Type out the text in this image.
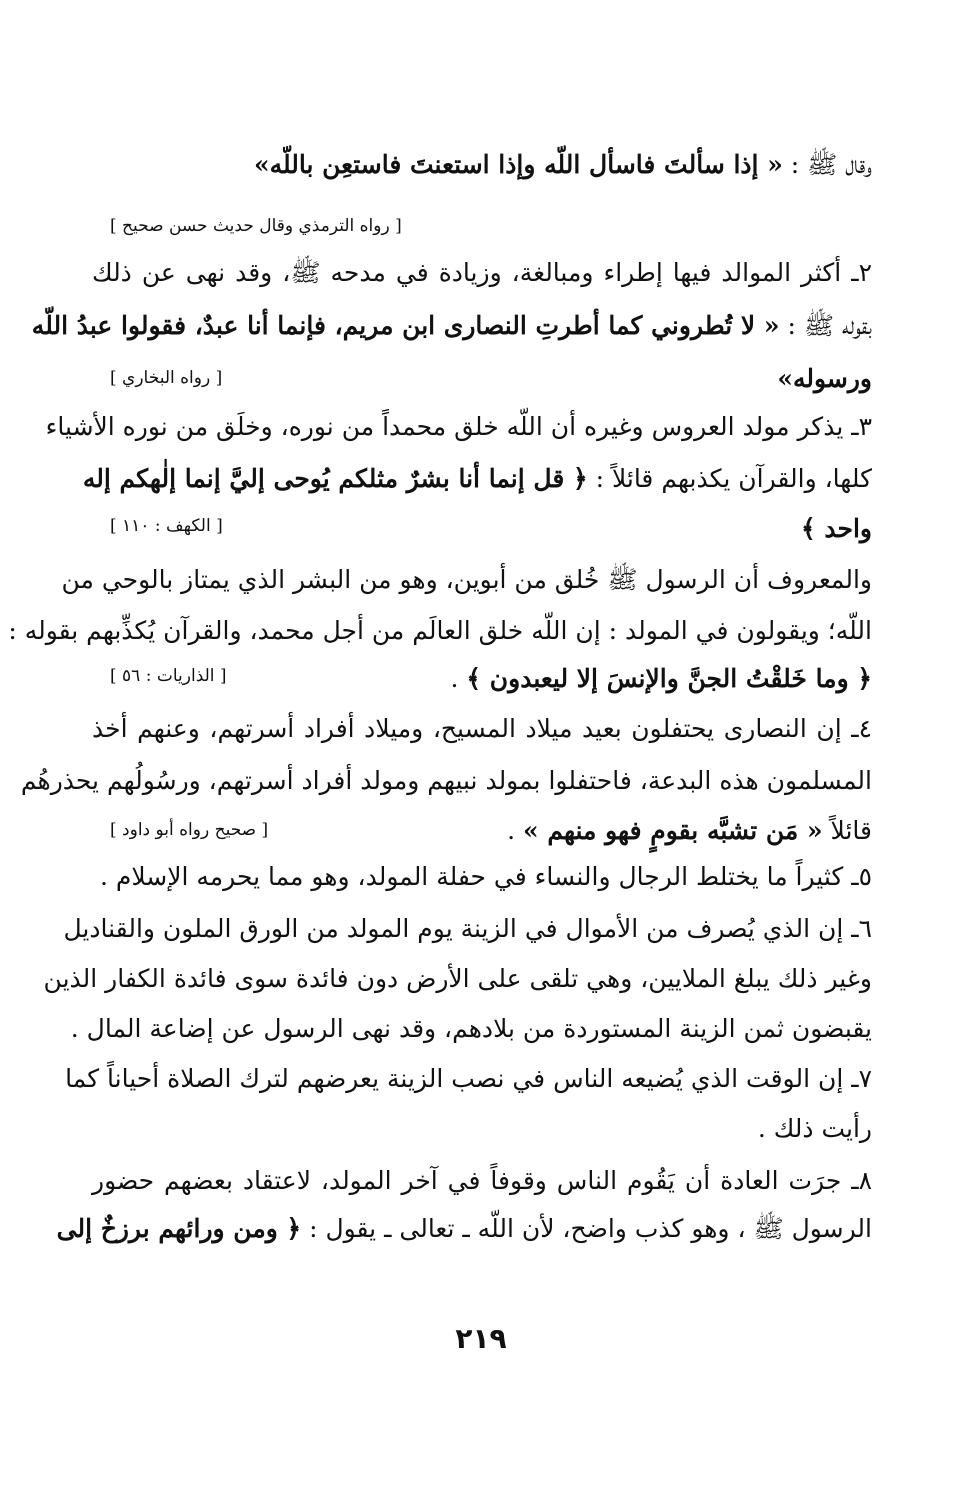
وقال ﷺ : « إذا سألتَ فاسأل اللّه وإذا استعنتَ فاستعِن باللّه»
[ رواه الترمذي وقال حديث حسن صحيح ]
٢ـ أكثر الموالد فيها إطراء ومبالغة، وزيادة في مدحه ﷺ، وقد نهى عن ذلك
بقوله ﷺ : « لا تُطروني كما أطرتِ النصارى ابن مريم، فإنما أنا عبدٌ، فقولوا عبدُ اللّه
ورسوله»
[ رواه البخاري ]
٣ـ يذكر مولد العروس وغيره أن اللّه خلق محمداً من نوره، وخلَق من نوره الأشياء
كلها، والقرآن يكذبهم قائلاً : ﴿ قل إنما أنا بشرٌ مثلكم يُوحى إليَّ إنما إلٰهكم إله
واحد ﴾
[ الكهف : ١١٠ ]
والمعروف أن الرسول ﷺ خُلق من أبوين، وهو من البشر الذي يمتاز بالوحي من
اللّه؛ ويقولون في المولد : إن اللّه خلق العالَم من أجل محمد، والقرآن يُكذِّبهم بقوله :
﴿ وما خَلقْتُ الجنَّ والإنسَ إلا ليعبدون ﴾ .
[ الذاريات : ٥٦ ]
٤ـ إن النصارى يحتفلون بعيد ميلاد المسيح، وميلاد أفراد أسرتهم، وعنهم أخذ
المسلمون هذه البدعة، فاحتفلوا بمولد نبيهم ومولد أفراد أسرتهم، ورسُولُهم يحذرهُم
قائلاً « مَن تشبَّه بقومٍ فهو منهم » .
[ صحيح رواه أبو داود ]
٥ـ كثيراً ما يختلط الرجال والنساء في حفلة المولد، وهو مما يحرمه الإسلام .
٦ـ إن الذي يُصرف من الأموال في الزينة يوم المولد من الورق الملون والقناديل
وغير ذلك يبلغ الملايين، وهي تلقى على الأرض دون فائدة سوى فائدة الكفار الذين
يقبضون ثمن الزينة المستوردة من بلادهم، وقد نهى الرسول عن إضاعة المال .
٧ـ إن الوقت الذي يُضيعه الناس في نصب الزينة يعرضهم لترك الصلاة أحياناً كما
رأيت ذلك .
٨ـ جرَت العادة أن يَقُوم الناس وقوفاً في آخر المولد، لاعتقاد بعضهم حضور
الرسول ﷺ ، وهو كذب واضح، لأن اللّه ـ تعالى ـ يقول : ﴿ ومن ورائهم برزخٌ إلى
٢١٩
